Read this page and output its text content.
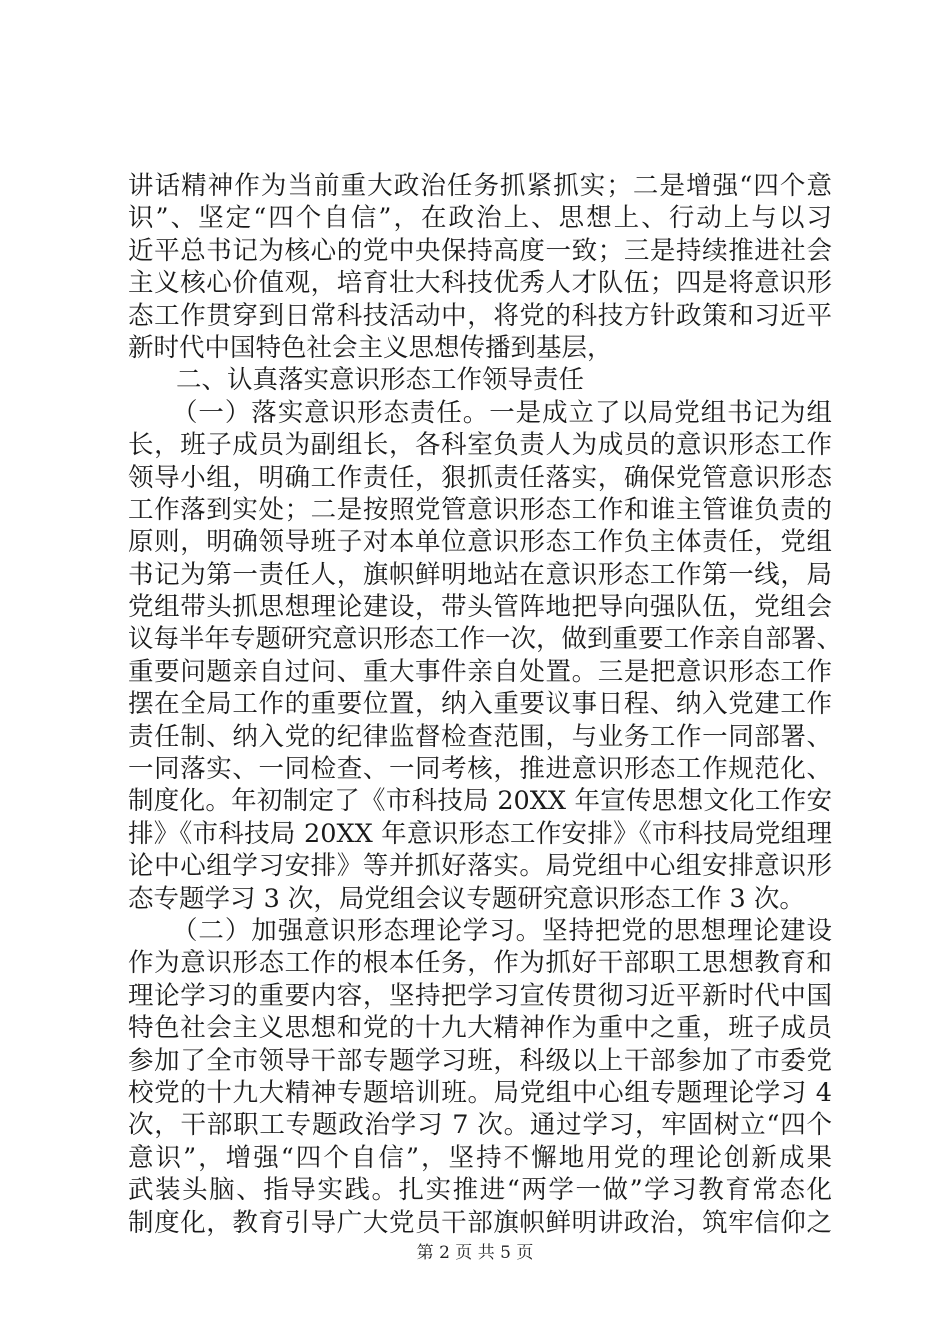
讲话精神作为当前重大政治任务抓紧抓实；二是增强“四个意
识”、坚定“四个自信”，在政治上、思想上、行动上与以习
近平总书记为核心的党中央保持高度一致；三是持续推进社会
主义核心价值观，培育壮大科技优秀人才队伍；四是将意识形
态工作贯穿到日常科技活动中，将党的科技方针政策和习近平
新时代中国特色社会主义思想传播到基层，
二、认真落实意识形态工作领导责任
（一）落实意识形态责任。一是成立了以局党组书记为组
长，班子成员为副组长，各科室负责人为成员的意识形态工作
领导小组，明确工作责任，狠抓责任落实，确保党管意识形态
工作落到实处；二是按照党管意识形态工作和谁主管谁负责的
原则，明确领导班子对本单位意识形态工作负主体责任，党组
书记为第一责任人，旗帜鲜明地站在意识形态工作第一线，局
党组带头抓思想理论建设，带头管阵地把导向强队伍，党组会
议每半年专题研究意识形态工作一次，做到重要工作亲自部署、
重要问题亲自过问、重大事件亲自处置。三是把意识形态工作
摆在全局工作的重要位置，纳入重要议事日程、纳入党建工作
责任制、纳入党的纪律监督检查范围，与业务工作一同部署、
一同落实、一同检查、一同考核，推进意识形态工作规范化、
制度化。年初制定了《市科技局 20XX 年宣传思想文化工作安
排》《市科技局 20XX 年意识形态工作安排》《市科技局党组理
论中心组学习安排》等并抓好落实。局党组中心组安排意识形
态专题学习 3 次，局党组会议专题研究意识形态工作 3 次。
（二）加强意识形态理论学习。坚持把党的思想理论建设
作为意识形态工作的根本任务，作为抓好干部职工思想教育和
理论学习的重要内容，坚持把学习宣传贯彻习近平新时代中国
特色社会主义思想和党的十九大精神作为重中之重，班子成员
参加了全市领导干部专题学习班，科级以上干部参加了市委党
校党的十九大精神专题培训班。局党组中心组专题理论学习 4
次，干部职工专题政治学习 7 次。通过学习，牢固树立“四个
意识”，增强“四个自信”，坚持不懈地用党的理论创新成果
武装头脑、指导实践。扎实推进“两学一做”学习教育常态化
制度化，教育引导广大党员干部旗帜鲜明讲政治，筑牢信仰之
第 2 页 共 5 页
